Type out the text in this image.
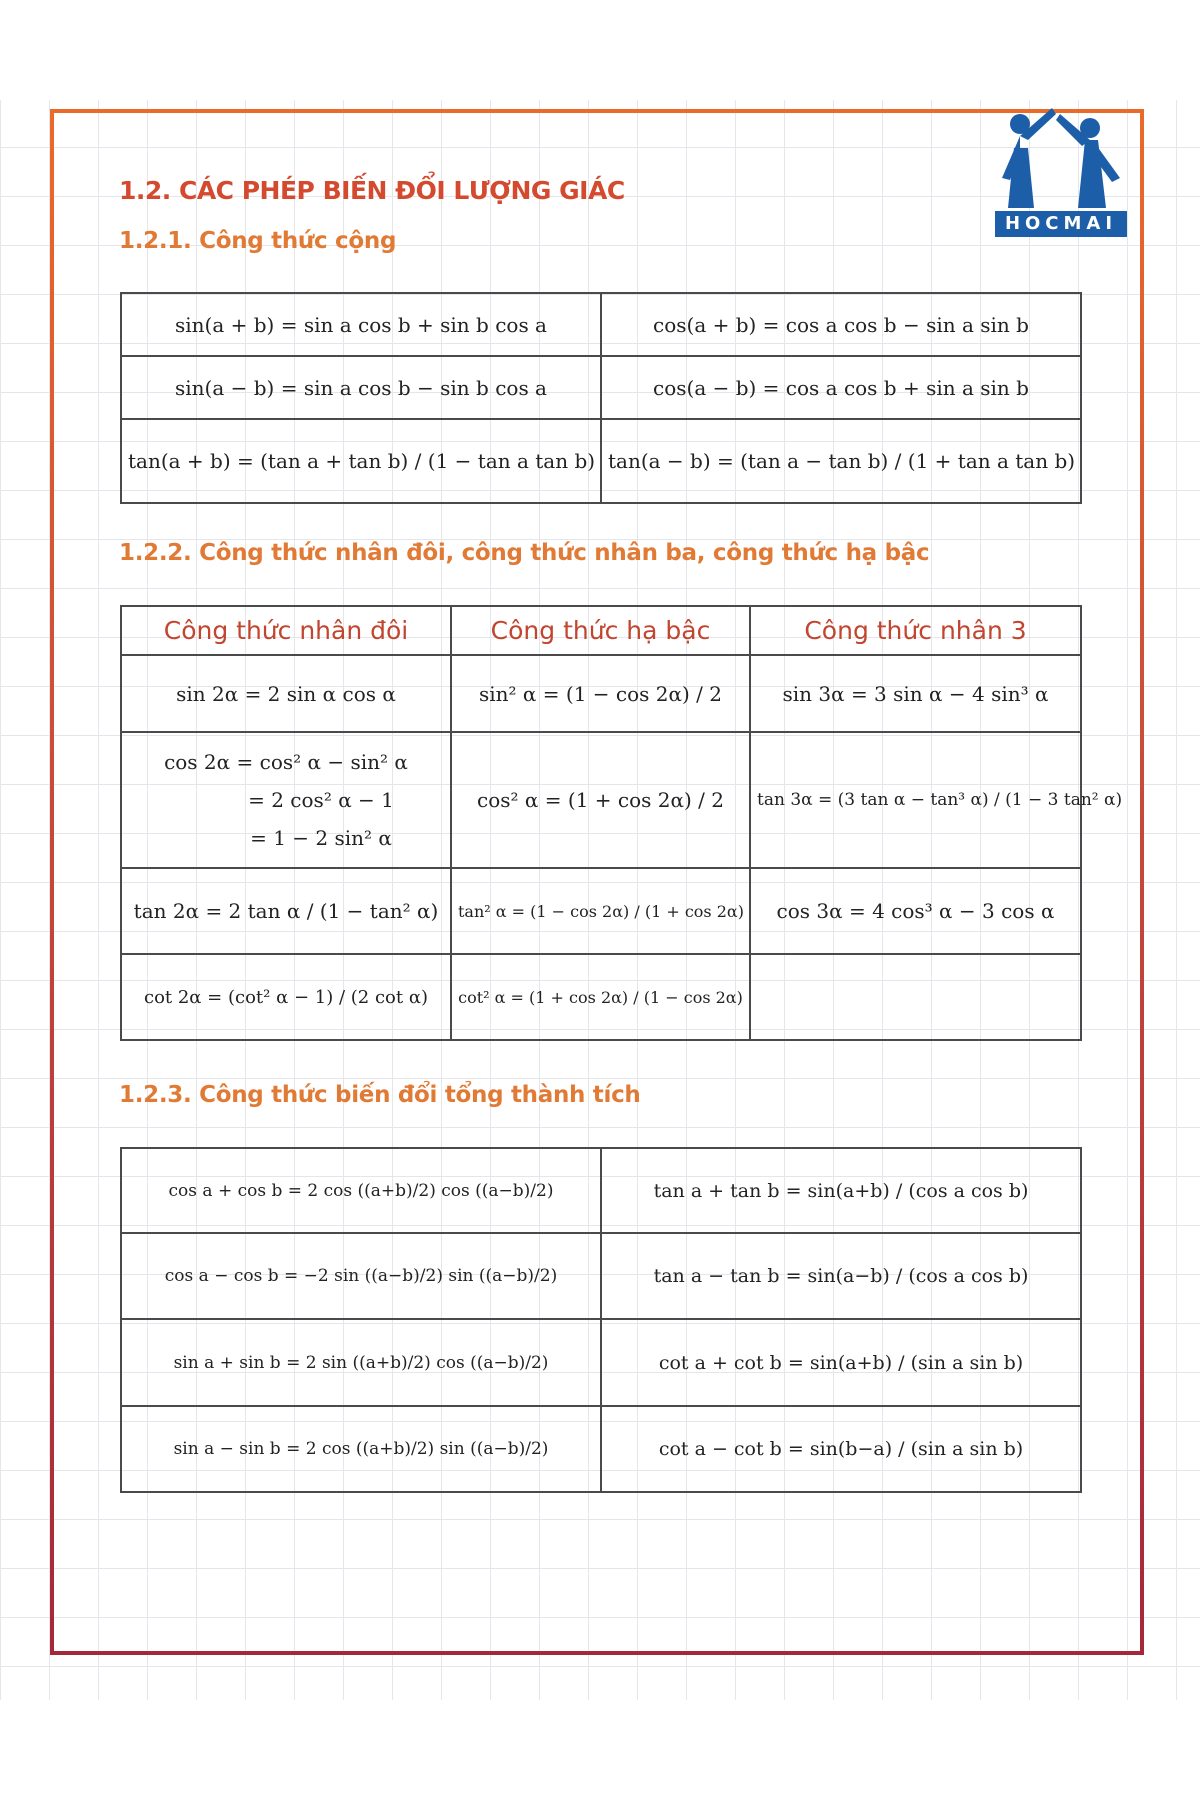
HOCMAI
1.2. CÁC PHÉP BIẾN ĐỔI LƯỢNG GIÁC
1.2.1. Công thức cộng
sin(a + b) = sin a cos b + sin b cos a	cos(a + b) = cos a cos b − sin a sin b
sin(a − b) = sin a cos b − sin b cos a	cos(a − b) = cos a cos b + sin a sin b
tan(a + b) = (tan a + tan b) / (1 − tan a tan b)	tan(a − b) = (tan a − tan b) / (1 + tan a tan b)
1.2.2. Công thức nhân đôi, công thức nhân ba, công thức hạ bậc
Công thức nhân đôi	Công thức hạ bậc	Công thức nhân 3
sin 2α = 2 sin α cos α	sin² α = (1 − cos 2α) / 2	sin 3α = 3 sin α − 4 sin³ α

cos 2α = cos² α − sin² α
= 2 cos² α − 1
= 1 − 2 sin² α	cos² α = (1 + cos 2α) / 2	tan 3α = (3 tan α − tan³ α) / (1 − 3 tan² α)
tan 2α = 2 tan α / (1 − tan² α)	tan² α = (1 − cos 2α) / (1 + cos 2α)	cos 3α = 4 cos³ α − 3 cos α
cot 2α = (cot² α − 1) / (2 cot α)	cot² α = (1 + cos 2α) / (1 − cos 2α)	
1.2.3. Công thức biến đổi tổng thành tích
cos a + cos b = 2 cos ((a+b)/2) cos ((a−b)/2)	tan a + tan b = sin(a+b) / (cos a cos b)
cos a − cos b = −2 sin ((a−b)/2) sin ((a−b)/2)	tan a − tan b = sin(a−b) / (cos a cos b)
sin a + sin b = 2 sin ((a+b)/2) cos ((a−b)/2)	cot a + cot b = sin(a+b) / (sin a sin b)
sin a − sin b = 2 cos ((a+b)/2) sin ((a−b)/2)	cot a − cot b = sin(b−a) / (sin a sin b)
